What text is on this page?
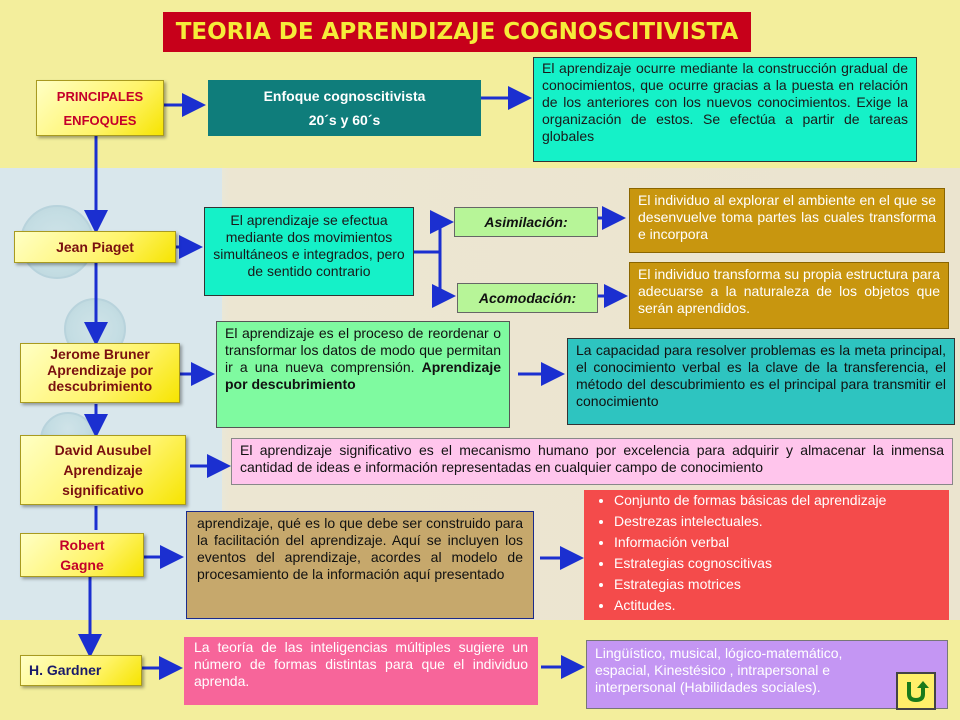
TEORIA DE APRENDIZAJE COGNOSCITIVISTA
PRINCIPALES
ENFOQUES
Enfoque cognoscitivista
20´s y 60´s
El aprendizaje ocurre mediante la construcción gradual de conocimientos, que ocurre gracias a la puesta en relación de los anteriores con los nuevos conocimientos. Exige la organización de estos. Se efectúa a partir de tareas globales
Jean Piaget
El aprendizaje se efectua mediante dos movimientos simultáneos e integrados, pero de sentido contrario
Asimilación:
Acomodación:
El individuo al explorar el ambiente en el que se desenvuelve toma partes las cuales transforma e incorpora
El individuo transforma su propia estructura para adecuarse a la naturaleza de los objetos que serán aprendidos.
Jerome Bruner
Aprendizaje por descubrimiento
El aprendizaje es el proceso de reordenar o transformar los datos de modo que permitan ir a una nueva comprensión. Aprendizaje por descubrimiento
La capacidad para resolver problemas es la meta principal, el conocimiento verbal es la clave de la transferencia, el método del descubrimiento es el principal para transmitir el conocimiento
David Ausubel Aprendizaje significativo
El aprendizaje significativo es el mecanismo humano por excelencia para adquirir y almacenar la inmensa cantidad de ideas e información representadas en cualquier campo de conocimiento
Robert
Gagne
aprendizaje, qué es lo que debe ser construido para la facilitación del aprendizaje. Aquí se incluyen los eventos del aprendizaje, acordes al modelo de procesamiento de la información aquí presentado
• Conjunto de formas básicas del aprendizaje
• Destrezas intelectuales.
• Información verbal
• Estrategias cognoscitivas
• Estrategias motrices
• Actitudes.
H. Gardner
La teoría de las inteligencias múltiples sugiere un número de formas distintas para que el individuo aprenda.
Lingüístico, musical, lógico-matemático, espacial, Kinestésico , intrapersonal e interpersonal (Habilidades sociales).
